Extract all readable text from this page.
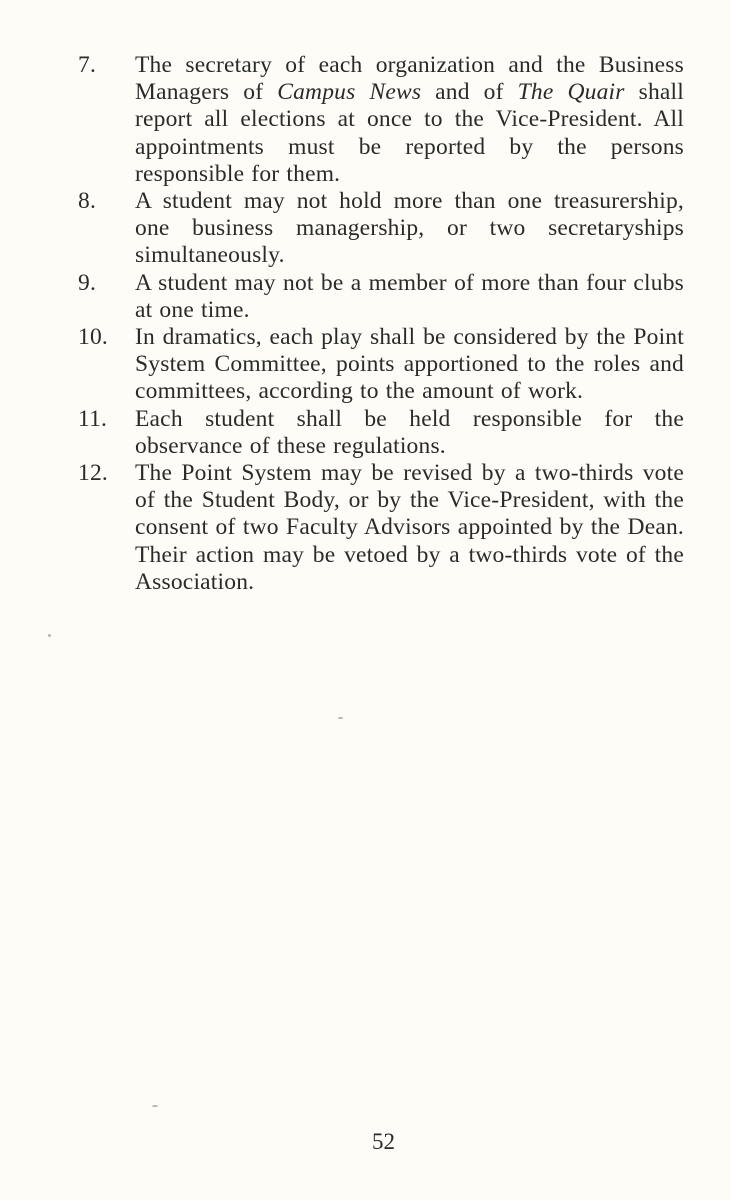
7.	The secretary of each organization and the Business Managers of Campus News and of The Quair shall report all elections at once to the Vice-President. All appointments must be reported by the persons responsible for them.
8.	A student may not hold more than one treasurership, one business managership, or two secretaryships simultaneously.
9.	A student may not be a member of more than four clubs at one time.
10.	In dramatics, each play shall be considered by the Point System Committee, points apportioned to the roles and committees, according to the amount of work.
11.	Each student shall be held responsible for the observance of these regulations.
12.	The Point System may be revised by a two-thirds vote of the Student Body, or by the Vice-President, with the consent of two Faculty Advisors appointed by the Dean. Their action may be vetoed by a two-thirds vote of the Association.
52
